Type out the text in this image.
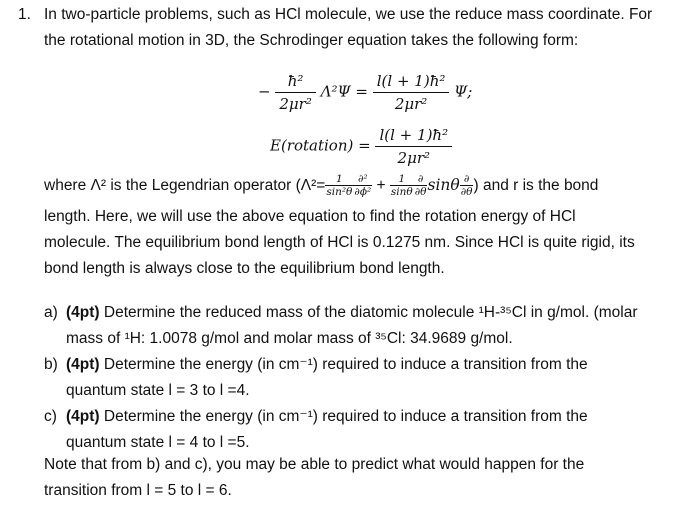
1. In two-particle problems, such as HCl molecule, we use the reduce mass coordinate. For
the rotational motion in 3D, the Schrodinger equation takes the following form:
− $\frac{\text{ħ²}}{\text{2μr²}} \Lambda^2\Psi = \frac{\text{l(l + 1)ħ²}}{\text{2μr²}} \Psi$;
E(rotation) = $\frac{\text{l(l + 1)ħ²}}{\text{2μr²}}$
where Λ² is the Legendrian operator ($\Lambda^2= \frac{1}{\text{sin²θ}} \frac{\text{∂²}}{\text{∂ϕ²}} + \frac{1}{\sin\theta} \frac{\partial}{\partial\theta}$ sinθ $\frac{\partial}{\partial\theta}$ ) and r is the bond
length. Here, we will use the above equation to find the rotation energy of HCl
molecule. The equilibrium bond length of HCl is 0.1275 nm. Since HCl is quite rigid, its
bond length is always close to the equilibrium bond length.
a) (4pt) Determine the reduced mass of the diatomic molecule ¹H-³⁵Cl in g/mol. (molar
mass of ¹H: 1.0078 g/mol and molar mass of ³⁵Cl: 34.9689 g/mol.
b) (4pt) Determine the energy (in cm⁻¹) required to induce a transition from the
quantum state l = 3 to l =4.
c) (4pt) Determine the energy (in cm⁻¹) required to induce a transition from the
quantum state l = 4 to l =5.
Note that from b) and c), you may be able to predict what would happen for the
transition from l = 5 to l = 6.
